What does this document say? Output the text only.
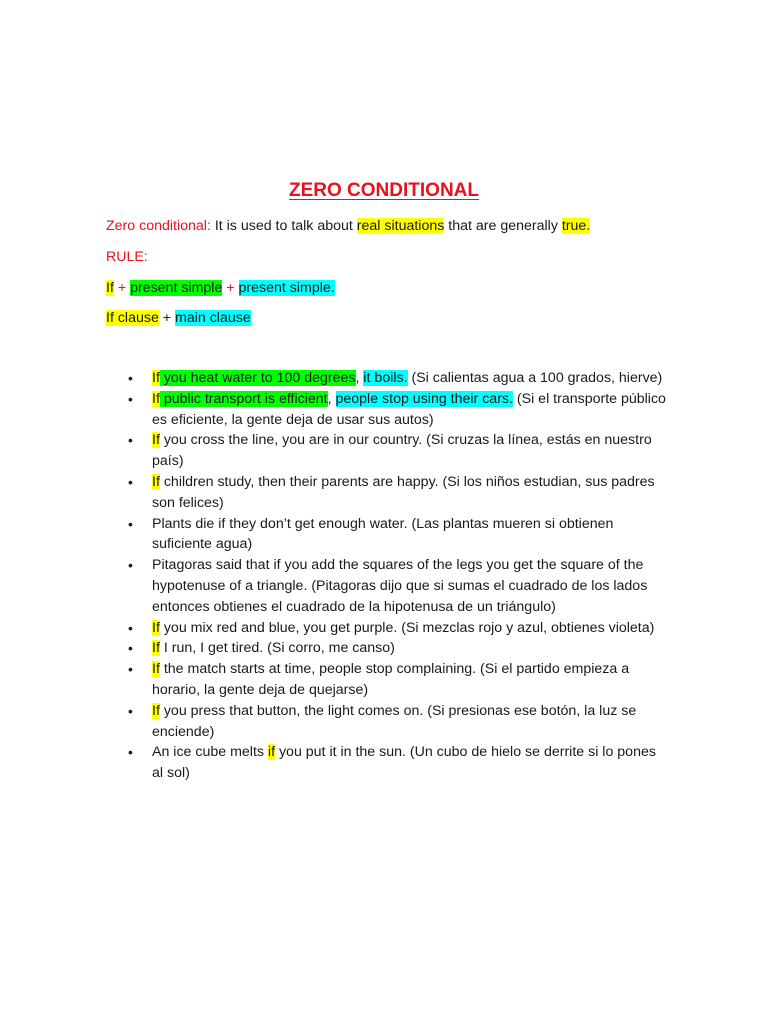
ZERO CONDITIONAL
Zero conditional: It is used to talk about real situations that are generally true.
RULE:
If + present simple + present simple.
If clause + main clause
•	If you heat water to 100 degrees, it boils. (Si calientas agua a 100 grados, hierve)
•	If public transport is efficient, people stop using their cars. (Si el transporte público es eficiente, la gente deja de usar sus autos)
•	If you cross the line, you are in our country. (Si cruzas la línea, estás en nuestro país)
•	If children study, then their parents are happy. (Si los niños estudian, sus padres son felices)
•	Plants die if they don’t get enough water. (Las plantas mueren si obtienen suficiente agua)
•	Pitagoras said that if you add the squares of the legs you get the square of the hypotenuse of a triangle. (Pitagoras dijo que si sumas el cuadrado de los lados entonces obtienes el cuadrado de la hipotenusa de un triángulo)
•	If you mix red and blue, you get purple. (Si mezclas rojo y azul, obtienes violeta)
•	If I run, I get tired. (Si corro, me canso)
•	If the match starts at time, people stop complaining. (Si el partido empieza a horario, la gente deja de quejarse)
•	If you press that button, the light comes on. (Si presionas ese botón, la luz se enciende)
•	An ice cube melts if you put it in the sun. (Un cubo de hielo se derrite si lo pones al sol)
